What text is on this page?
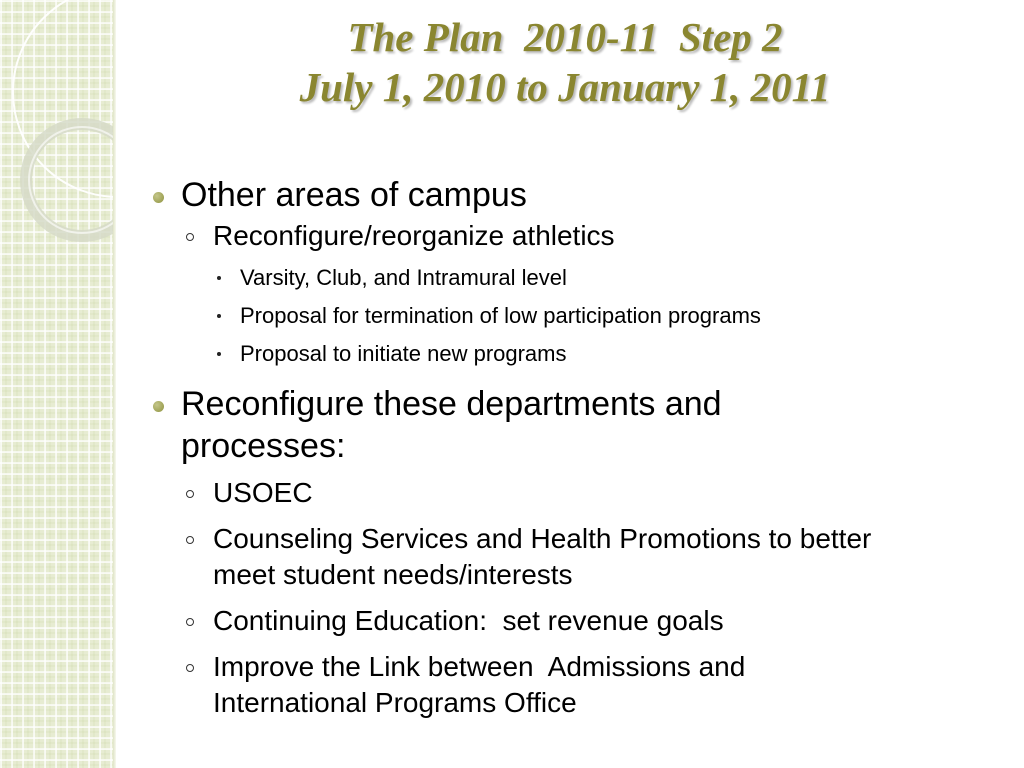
The Plan  2010-11  Step 2
July 1, 2010 to January 1, 2011
Other areas of campus
Reconfigure/reorganize athletics
Varsity, Club, and Intramural level
Proposal for termination of low participation programs
Proposal to initiate new programs
Reconfigure these departments and processes:
USOEC
Counseling Services and Health Promotions to better meet student needs/interests
Continuing Education:  set revenue goals
Improve the Link between  Admissions and International Programs Office
